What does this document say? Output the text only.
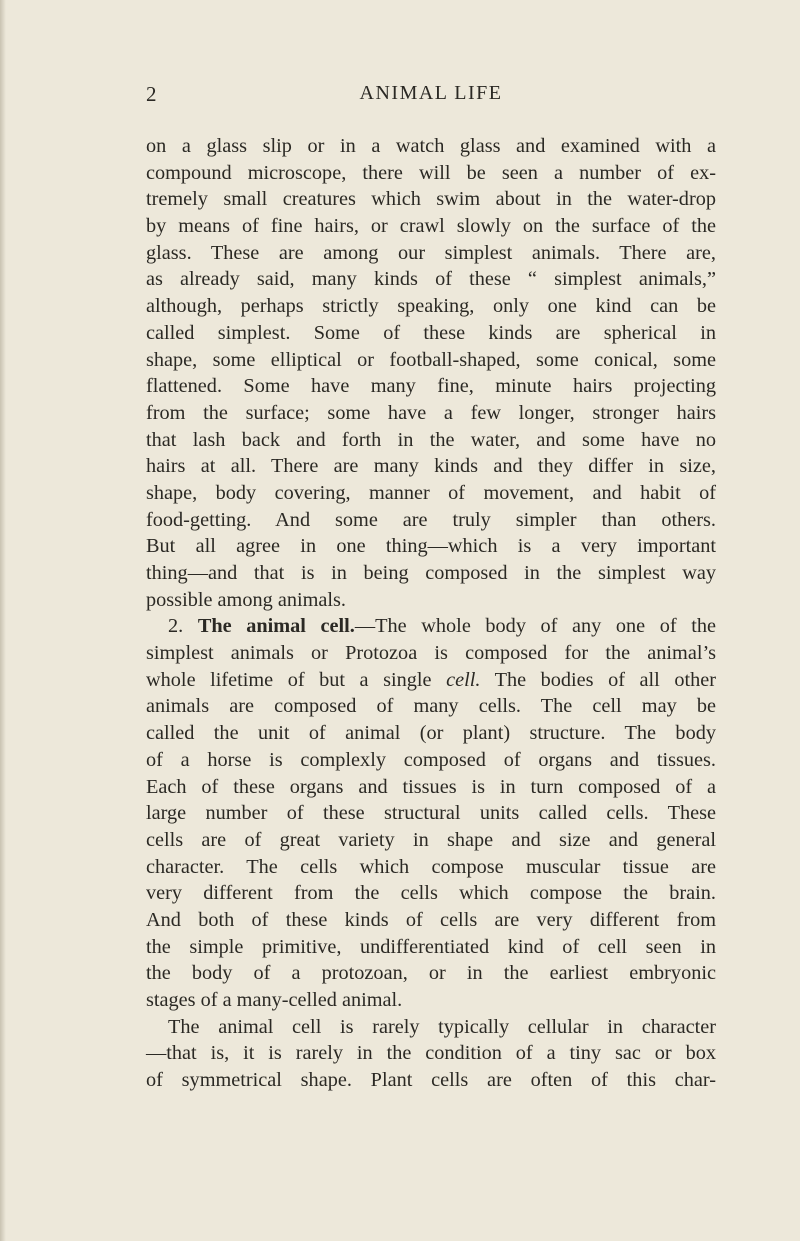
2	ANIMAL LIFE
on a glass slip or in a watch glass and examined with a
compound microscope, there will be seen a number of ex-
tremely small creatures which swim about in the water-drop
by means of fine hairs, or crawl slowly on the surface of the
glass. These are among our simplest animals. There are,
as already said, many kinds of these “ simplest animals,”
although, perhaps strictly speaking, only one kind can be
called simplest. Some of these kinds are spherical in
shape, some elliptical or football-shaped, some conical, some
flattened. Some have many fine, minute hairs projecting
from the surface; some have a few longer, stronger hairs
that lash back and forth in the water, and some have no
hairs at all. There are many kinds and they differ in size,
shape, body covering, manner of movement, and habit of
food-getting. And some are truly simpler than others.
But all agree in one thing—which is a very important
thing—and that is in being composed in the simplest way
possible among animals.
2. The animal cell.—The whole body of any one of the
simplest animals or Protozoa is composed for the animal’s
whole lifetime of but a single cell. The bodies of all other
animals are composed of many cells. The cell may be
called the unit of animal (or plant) structure. The body
of a horse is complexly composed of organs and tissues.
Each of these organs and tissues is in turn composed of a
large number of these structural units called cells. These
cells are of great variety in shape and size and general
character. The cells which compose muscular tissue are
very different from the cells which compose the brain.
And both of these kinds of cells are very different from
the simple primitive, undifferentiated kind of cell seen in
the body of a protozoan, or in the earliest embryonic
stages of a many-celled animal.
The animal cell is rarely typically cellular in character
—that is, it is rarely in the condition of a tiny sac or box
of symmetrical shape. Plant cells are often of this char-
